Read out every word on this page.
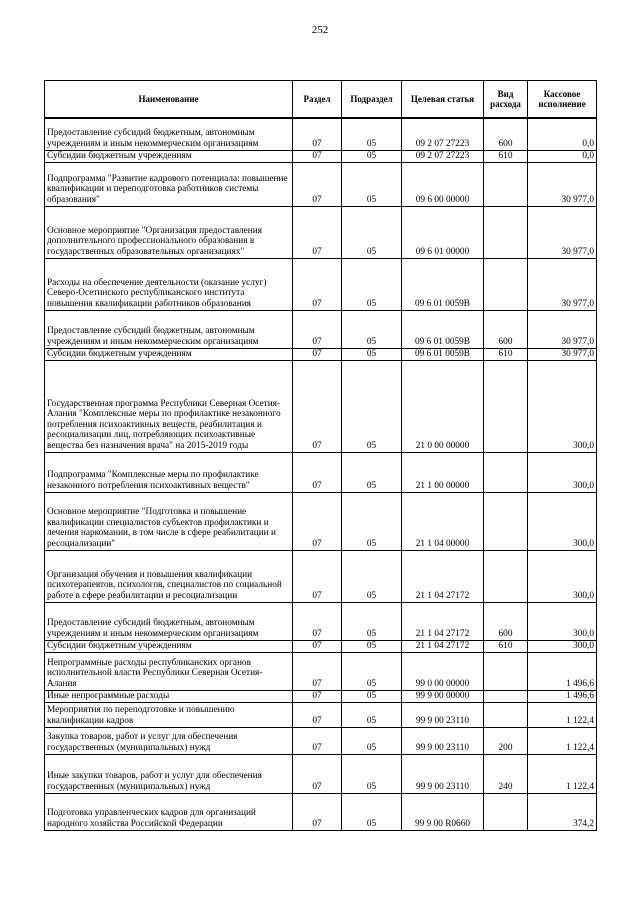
252
Наименование	Раздел	Подраздел	Целевая статья	Вид расхода	Кассовое исполнение
Предоставление субсидий бюджетным, автономным учреждениям и иным некоммерческим организациям	07	05	09 2 07 27223	600	0,0
Субсидии бюджетным учреждениям	07	05	09 2 07 27223	610	0,0
Подпрограмма "Развитие кадрового потенциала: повышение квалификации и переподготовка работников системы образования"	07	05	09 6 00 00000		30 977,0
Основное мероприятие "Организация предоставления дополнительного профессионального образования в государственных образовательных организациях"	07	05	09 6 01 00000		30 977,0
Расходы на обеспечение деятельности (оказание услуг) Северо-Осетинского республиканского института повышения квалификации работников образования	07	05	09 6 01 0059В		30 977,0
Предоставление субсидий бюджетным, автономным учреждениям и иным некоммерческим организациям	07	05	09 6 01 0059В	600	30 977,0
Субсидии бюджетным учреждениям	07	05	09 6 01 0059В	610	30 977,0
Государственная программа Республики Северная Осетия-Алания "Комплексные меры по профилактике незаконного потребления психоактивных веществ, реабилитация и ресоциализации лиц, потребляющих психоактивные вещества без назначения врача" на 2015-2019 годы	07	05	21 0 00 00000		300,0
Подпрограмма "Комплексные меры по профилактике незаконного потребления психоактивных веществ"	07	05	21 1 00 00000		300,0
Основное мероприятие "Подготовка и повышение квалификации специалистов субъектов профилактики и лечения наркомании, в том числе в сфере реабилитации и ресоциализации"	07	05	21 1 04 00000		300,0
Организация обучения и повышения квалификации психотерапевтов, психологов, специалистов по социальной работе в сфере реабилитации и ресоциализации	07	05	21 1 04 27172		300,0
Предоставление субсидий бюджетным, автономным учреждениям и иным некоммерческим организациям	07	05	21 1 04 27172	600	300,0
Субсидии бюджетным учреждениям	07	05	21 1 04 27172	610	300,0
Непрограммные расходы республиканских органов исполнительной власти Республики Северная Осетия-Алания	07	05	99 0 00 00000		1 496,6
Иные непрограммные расходы	07	05	99 9 00 00000		1 496,6
Мероприятия по переподготовке и повышению квалификации кадров	07	05	99 9 00 23110		1 122,4
Закупка товаров, работ и услуг для обеспечения государственных (муниципальных) нужд	07	05	99 9 00 23110	200	1 122,4
Иные закупки товаров, работ и услуг для обеспечения государственных (муниципальных) нужд	07	05	99 9 00 23110	240	1 122,4
Подготовка управленческих кадров для организаций народного хозяйства Российской Федерации	07	05	99 9 00 R0660		374,2
